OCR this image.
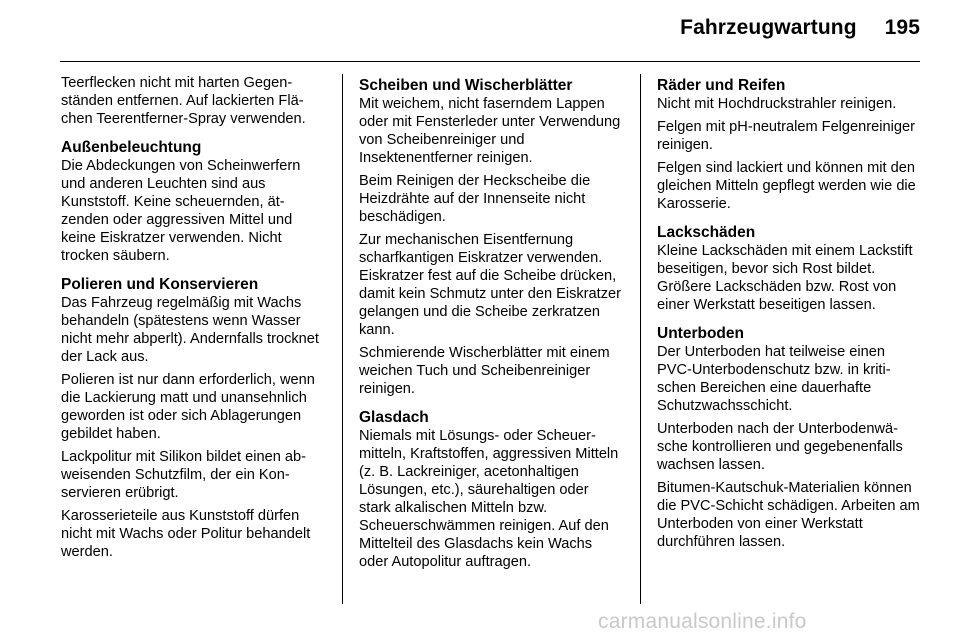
Fahrzeugwartung 195

Teerflecken nicht mit harten Gegenständen entfernen. Auf lackierten Flächen Teerentferner-Spray verwenden.

Außenbeleuchtung

Die Abdeckungen von Scheinwerfern und anderen Leuchten sind aus Kunststoff. Keine scheuernden, ätzenden oder aggressiven Mittel und keine Eiskratzer verwenden. Nicht trocken säubern.

Polieren und Konservieren

Das Fahrzeug regelmäßig mit Wachs behandeln (spätestens wenn Wasser nicht mehr abperlt). Andernfalls trocknet der Lack aus.

Polieren ist nur dann erforderlich, wenn die Lackierung matt und unansehnlich geworden ist oder sich Ablagerungen gebildet haben.

Lackpolitur mit Silikon bildet einen abweisenden Schutzfilm, der ein Konservieren erübrigt.

Karosserieteile aus Kunststoff dürfen nicht mit Wachs oder Politur behandelt werden.

Scheiben und Wischerblätter

Mit weichem, nicht faserndem Lappen oder mit Fensterleder unter Verwendung von Scheibenreiniger und Insektenentferner reinigen.

Beim Reinigen der Heckscheibe die Heizdrähte auf der Innenseite nicht beschädigen.

Zur mechanischen Eisentfernung scharfkantigen Eiskratzer verwenden. Eiskratzer fest auf die Scheibe drücken, damit kein Schmutz unter den Eiskratzer gelangen und die Scheibe zerkratzen kann.

Schmierende Wischerblätter mit einem weichen Tuch und Scheibenreiniger reinigen.

Glasdach

Niemals mit Lösungs- oder Scheuermitteln, Kraftstoffen, aggressiven Mitteln (z. B. Lackreiniger, acetonhaltigen Lösungen, etc.), säurehaltigen oder stark alkalischen Mitteln bzw. Scheuerschwämmen reinigen. Auf den Mittelteil des Glasdachs kein Wachs oder Autopolitur auftragen.

Räder und Reifen

Nicht mit Hochdruckstrahler reinigen.

Felgen mit pH-neutralem Felgenreiniger reinigen.

Felgen sind lackiert und können mit den gleichen Mitteln gepflegt werden wie die Karosserie.

Lackschäden

Kleine Lackschäden mit einem Lackstift beseitigen, bevor sich Rost bildet. Größere Lackschäden bzw. Rost von einer Werkstatt beseitigen lassen.

Unterboden

Der Unterboden hat teilweise einen PVC-Unterbodenschutz bzw. in kritischen Bereichen eine dauerhafte Schutzwachsschicht.

Unterboden nach der Unterbodenwäsche kontrollieren und gegebenenfalls wachsen lassen.

Bitumen-Kautschuk-Materialien können die PVC-Schicht schädigen. Arbeiten am Unterboden von einer Werkstatt durchführen lassen.

carmanualsonline.info
